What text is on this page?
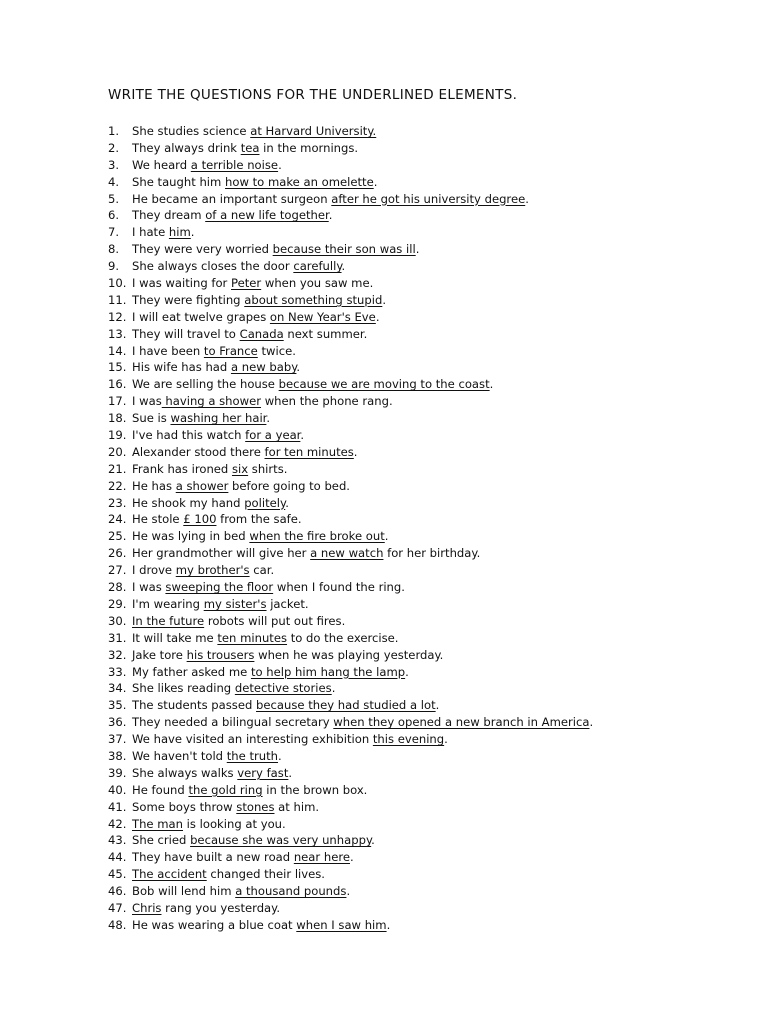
WRITE THE QUESTIONS FOR THE UNDERLINED ELEMENTS.
1. She studies science at Harvard University.
2. They always drink tea in the mornings.
3. We heard a terrible noise.
4. She taught him how to make an omelette.
5. He became an important surgeon after he got his university degree.
6. They dream of a new life together.
7. I hate him.
8. They were very worried because their son was ill.
9. She always closes the door carefully.
10. I was waiting for Peter when you saw me.
11. They were fighting about something stupid.
12. I will eat twelve grapes on New Year's Eve.
13. They will travel to Canada next summer.
14. I have been to France twice.
15. His wife has had a new baby.
16. We are selling the house because we are moving to the coast.
17. I was having a shower when the phone rang.
18. Sue is washing her hair.
19. I've had this watch for a year.
20. Alexander stood there for ten minutes.
21. Frank has ironed six shirts.
22. He has a shower before going to bed.
23. He shook my hand politely.
24. He stole £ 100 from the safe.
25. He was lying in bed when the fire broke out.
26. Her grandmother will give her a new watch for her birthday.
27. I drove my brother's car.
28. I was sweeping the floor when I found the ring.
29. I'm wearing my sister's jacket.
30. In the future robots will put out fires.
31. It will take me ten minutes to do the exercise.
32. Jake tore his trousers when he was playing yesterday.
33. My father asked me to help him hang the lamp.
34. She likes reading detective stories.
35. The students passed because they had studied a lot.
36. They needed a bilingual secretary when they opened a new branch in America.
37. We have visited an interesting exhibition this evening.
38. We haven't told the truth.
39. She always walks very fast.
40. He found the gold ring in the brown box.
41. Some boys throw stones at him.
42. The man is looking at you.
43. She cried because she was very unhappy.
44. They have built a new road near here.
45. The accident changed their lives.
46. Bob will lend him a thousand pounds.
47. Chris rang you yesterday.
48. He was wearing a blue coat when I saw him.
